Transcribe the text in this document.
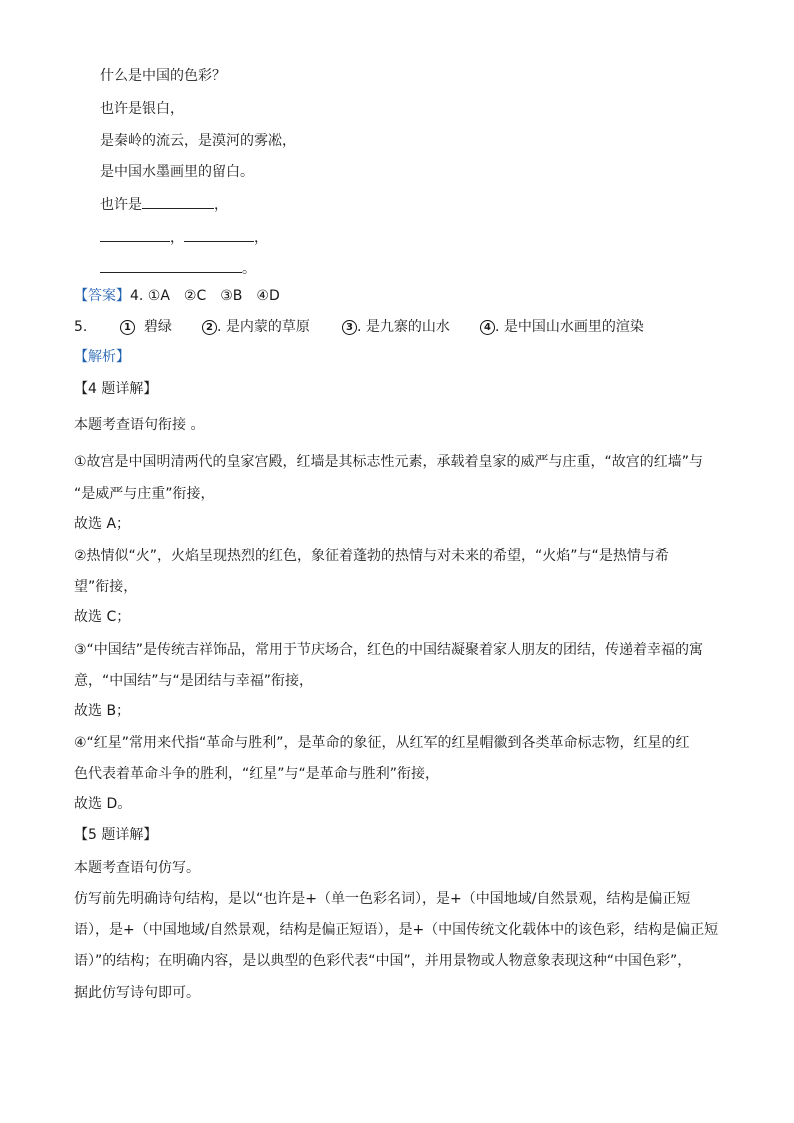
什么是中国的色彩？
也许是银白，
是秦岭的流云，是漠河的雾凇，
是中国水墨画里的留白。
也许是	，
，	，
。
【答案】4. ①A　②C　③B　④D
5.	1 碧绿	2 . 是内蒙的草原	3 . 是九寨的山水	4 . 是中国山水画里的渲染
【解析】
【4 题详解】
本题考查语句衔接 。
①故宫是中国明清两代的皇家宫殿，红墙是其标志性元素，承载着皇家的威严与庄重，“故宫的红墙”与
“是威严与庄重”衔接，
故选 A；
②热情似“火”，火焰呈现热烈的红色，象征着蓬勃的热情与对未来的希望，“火焰”与“是热情与希
望”衔接，
故选 C；
③“中国结”是传统吉祥饰品，常用于节庆场合，红色的中国结凝聚着家人朋友的团结，传递着幸福的寓
意，“中国结”与“是团结与幸福”衔接，
故选 B；
④“红星”常用来代指“革命与胜利”，是革命的象征，从红军的红星帽徽到各类革命标志物，红星的红
色代表着革命斗争的胜利，“红星”与“是革命与胜利”衔接，
故选 D。
【5 题详解】
本题考查语句仿写。
仿写前先明确诗句结构，是以“也许是+（单一色彩名词），是+（中国地域/自然景观，结构是偏正短
语），是+（中国地域/自然景观，结构是偏正短语），是+（中国传统文化载体中的该色彩，结构是偏正短
语）”的结构；在明确内容，是以典型的色彩代表“中国”，并用景物或人物意象表现这种“中国色彩”，
据此仿写诗句即可。
